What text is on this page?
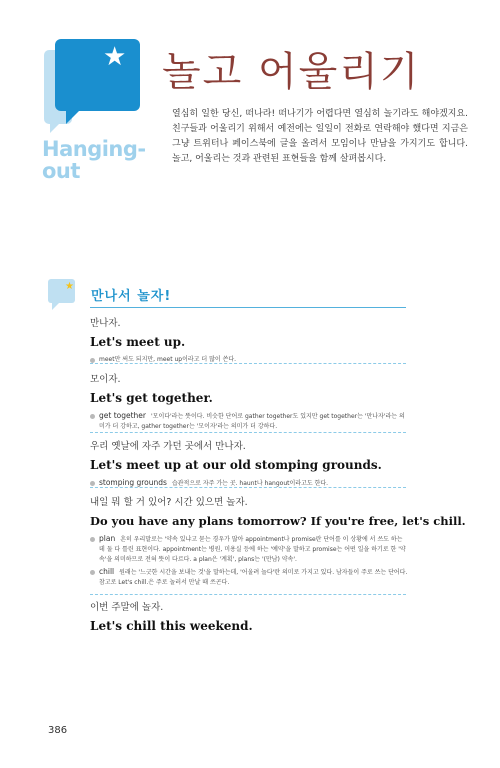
★
Hanging-out
놀고 어울리기
열심히 일한 당신, 떠나라! 떠나기가 어렵다면 열심히 놀기라도 해야겠지요. 친구들과 어울리기 위해서 예전에는 일일이 전화로 연락해야 했다면 지금은 그냥 트위터나 페이스북에 글을 올려서 모임이나 만남을 가지기도 합니다. 놀고, 어울리는 것과 관련된 표현들을 함께 살펴봅시다.
★
만나서 놀자!

만나자.

Let's meet up.

meet만 써도 되지만, meet up이라고 더 많이 쓴다.

모이자.

Let's get together.

get together '모이다'라는 뜻이다. 비슷한 단어로 gather together도 있지만 get together는 '만나자'라는 의미가 더 강하고, gather together는 '모이자'라는 의미가 더 강하다.

우리 옛날에 자주 가던 곳에서 만나자.

Let's meet up at our old stomping grounds.

stomping grounds 습관적으로 자주 가는 곳. haunt나 hangout이라고도 한다.

내일 뭐 할 거 있어? 시간 있으면 놀자.

Do you have any plans tomorrow? If you're free, let's chill.

plan 흔히 우리말로는 '약속 있냐고 묻는 경우가 많아 appointment나 promise란 단어를 이 상황에 서 쓰도 하는데 둘 다 틀린 표현이다. appointment는 병원, 미용실 등에 하는 '예약'을 말하고 promise는 어떤 일을 하기로 한 '약속'을 의미하므로 전혀 뜻이 다르다. a plan은 '계획', plans는 '(만남) 약속'.

chill 원래는 '느긋한 시간을 보내는 것'을 말하는데, '어울려 놀다'란 의미로 가지고 있다. 남자들이 주로 쓰는 단어다. 참고로 Let's chill.은 주로 놀러서 만날 때 쓰곤다.

이번 주말에 놀자.

Let's chill this weekend.

386
